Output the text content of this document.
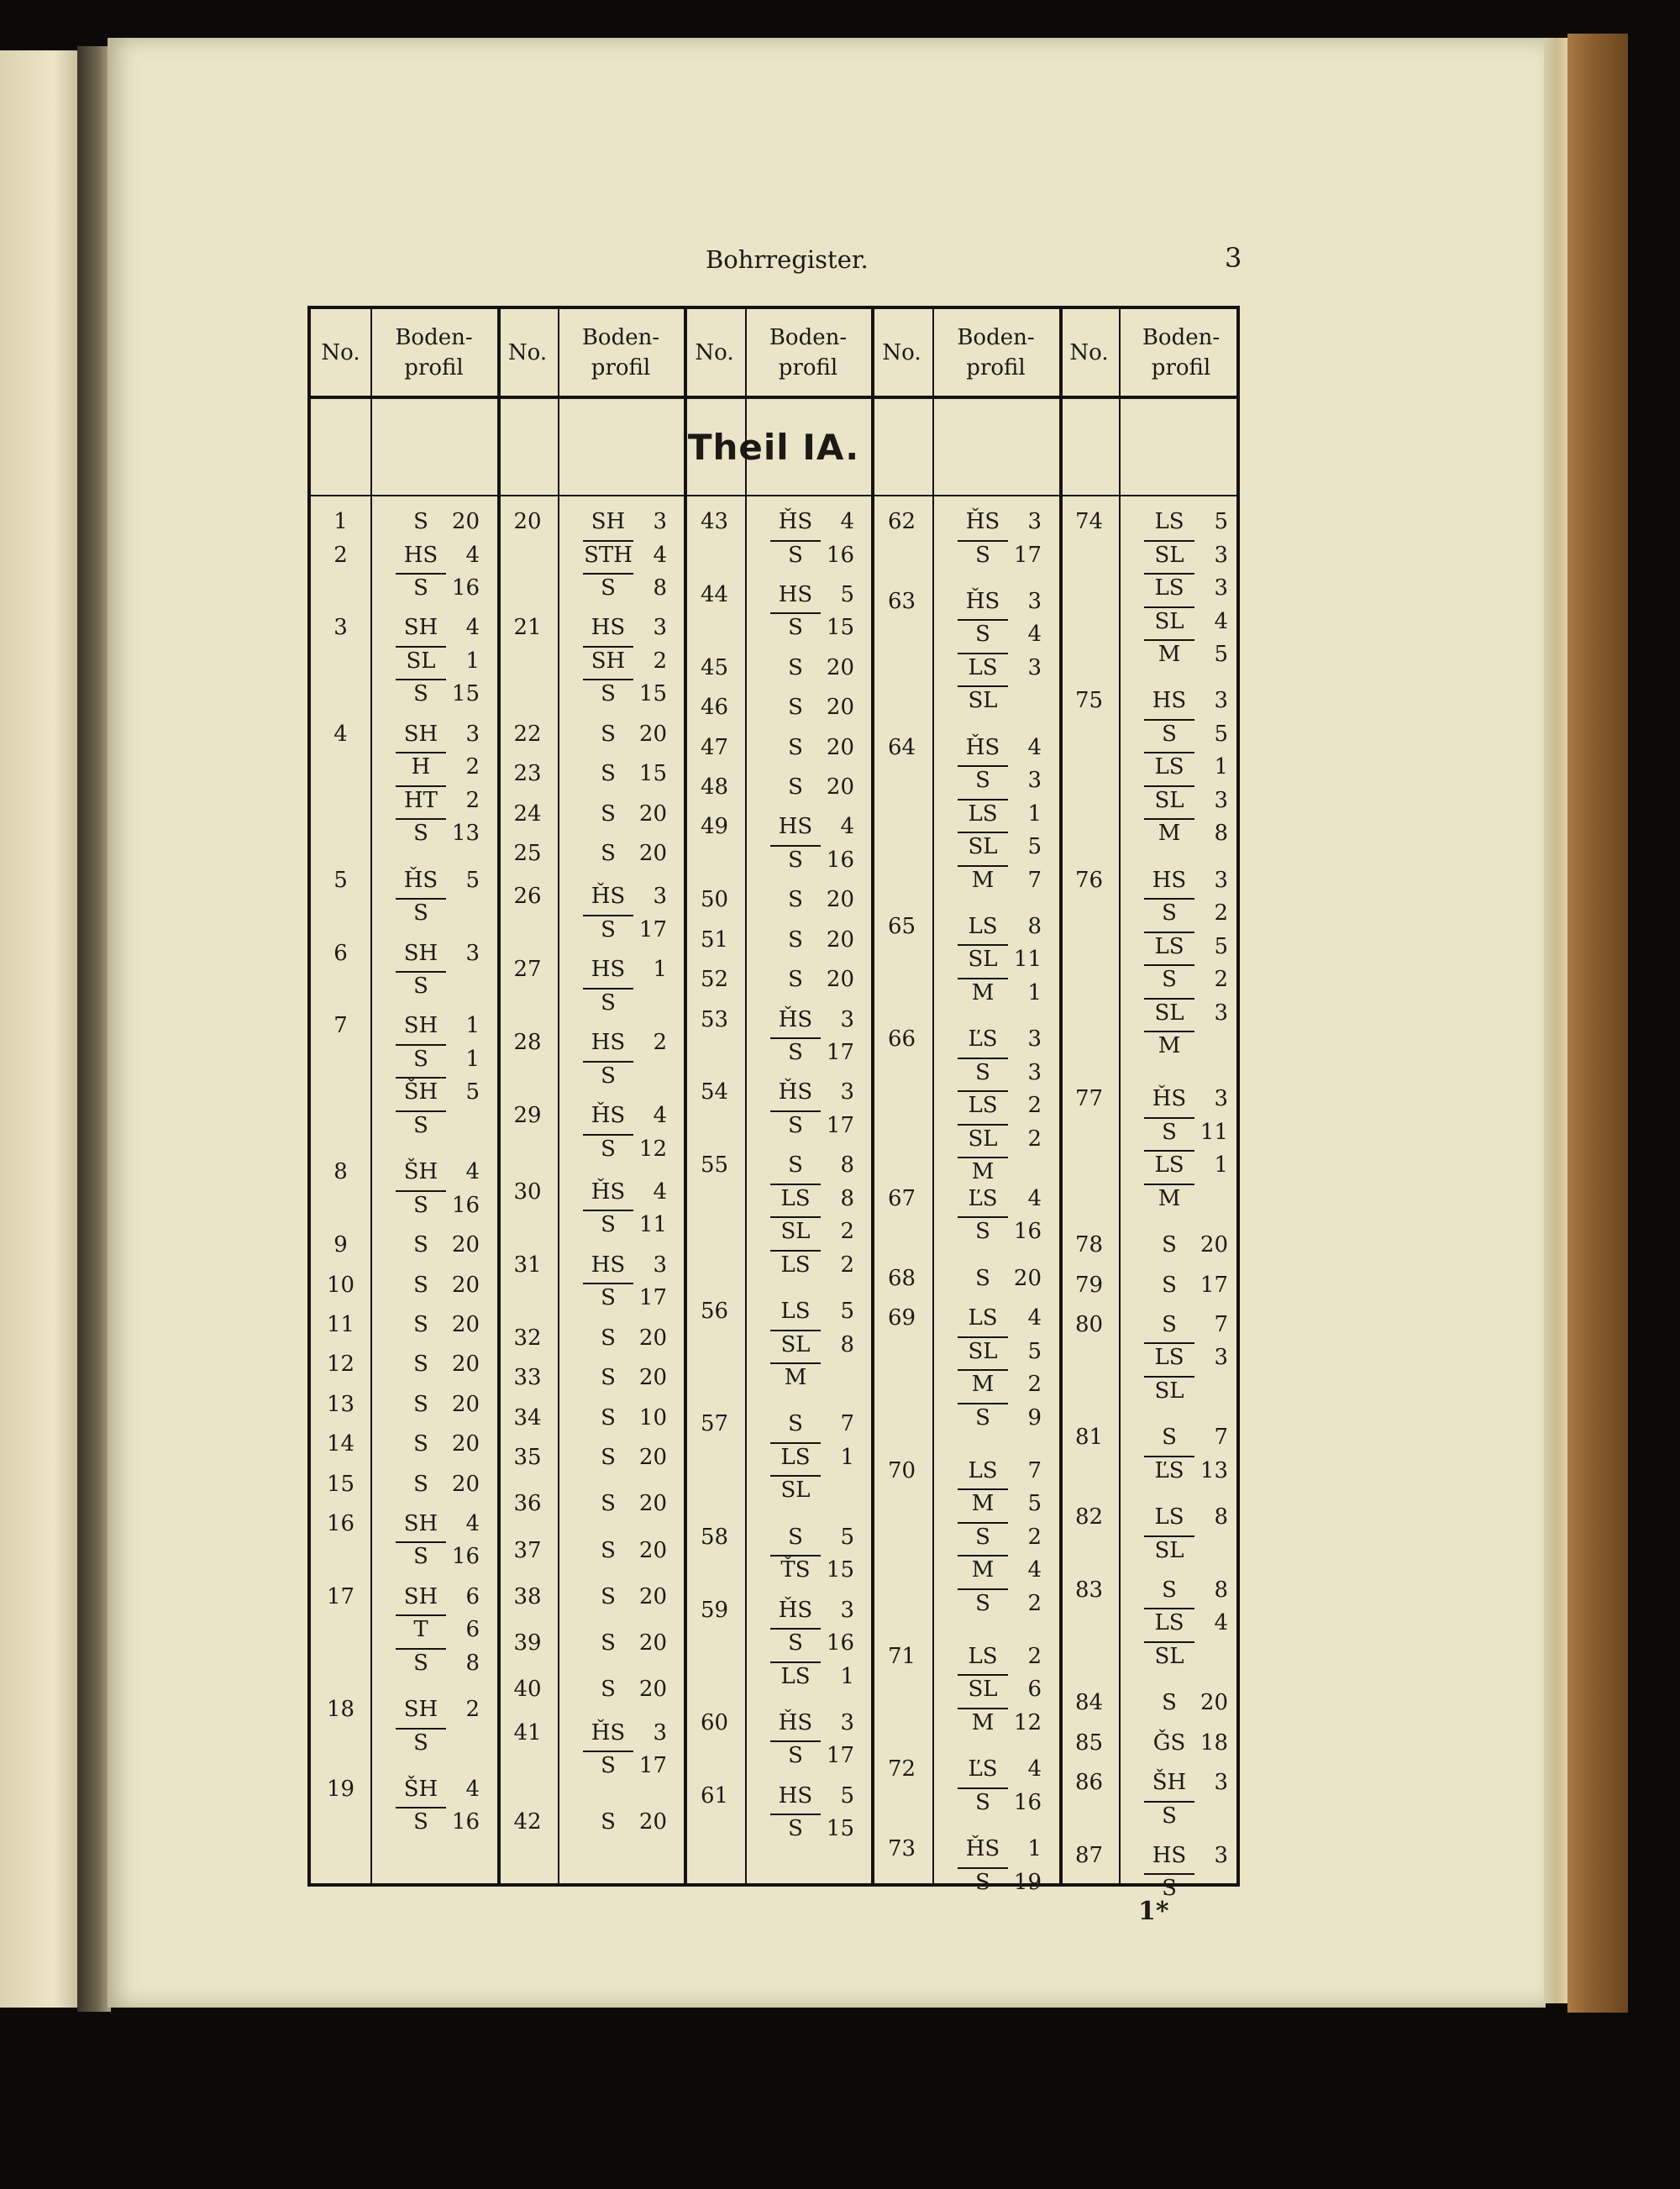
Bohrregister.	3
Theil IA.
No.
Boden-
profil
No.
Boden-
profil
No.
Boden-
profil
No.
Boden-
profil
No.
Boden-
profil
1	S 20
2	HS 4
S 16
3	SH 4
SL 1
S 15
4	SH 3
H 2
HT 2
S 13
5	ȞS 5
S
6	SH 3
S
7	SH 1
S 1
ŠH 5
S
8	ŠH 4
S 16
9	S 20
10	S 20
11	S 20
12	S 20
13	S 20
14	S 20
15	S 20
16	SH 4
S 16
17	SH 6
T 6
S 8
18	SH 2
S
19	ŠH 4
S 16
20	SH 3
STH 4
S 8
21	HS 3
SH 2
S 15
22	S 20
23	S 15
24	S 20
25	S 20
26	ȞS 3
S 17
27	HS 1
S
28	HS 2
S
29	ȞS 4
S 12
30	ȞS 4
S 11
31	HS 3
S 17
32	S 20
33	S 20
34	S 10
35	S 20
36	S 20
37	S 20
38	S 20
39	S 20
40	S 20
41	ȞS 3
S 17
42	S 20
43	ȞS 4
S 16
44	HS 5
S 15
45	S 20
46	S 20
47	S 20
48	S 20
49	HS 4
S 16
50	S 20
51	S 20
52	S 20
53	ȞS 3
S 17
54	ȞS 3
S 17
55	S 8
LS 8
SL 2
LS 2
56	LS 5
SL 8
M
57	S 7
LS 1
SL
58	S 5
ŤS 15
59	ȞS 3
S 16
LS 1
60	ȞS 3
S 17
61	HS 5
S 15
62	ȞS 3
S 17
63	ȞS 3
S 4
LS 3
SL
64	ȞS 4
S 3
LS 1
SL 5
M 7
65	LS 8
SL 11
M 1
66	ĽS 3
S 3
LS 2
SL 2
M
67	ĽS 4
S 16
68	S 20
69	LS 4
SL 5
M 2
S 9
70	LS 7
M 5
S 2
M 4
S 2
71	LS 2
SL 6
M 12
72	ĽS 4
S 16
73	ȞS 1
S 19
74	LS 5
SL 3
LS 3
SL 4
M 5
75	HS 3
S 5
LS 1
SL 3
M 8
76	HS 3
S 2
LS 5
S 2
SL 3
M
77	ȞS 3
S 11
LS 1
M
78	S 20
79	S 17
80	S 7
LS 3
SL
81	S 7
ĽS 13
82	LS 8
SL
83	S 8
LS 4
SL
84	S 20
85	ǦS 18
86	ŠH 3
S
87	HS 3
S
1*
